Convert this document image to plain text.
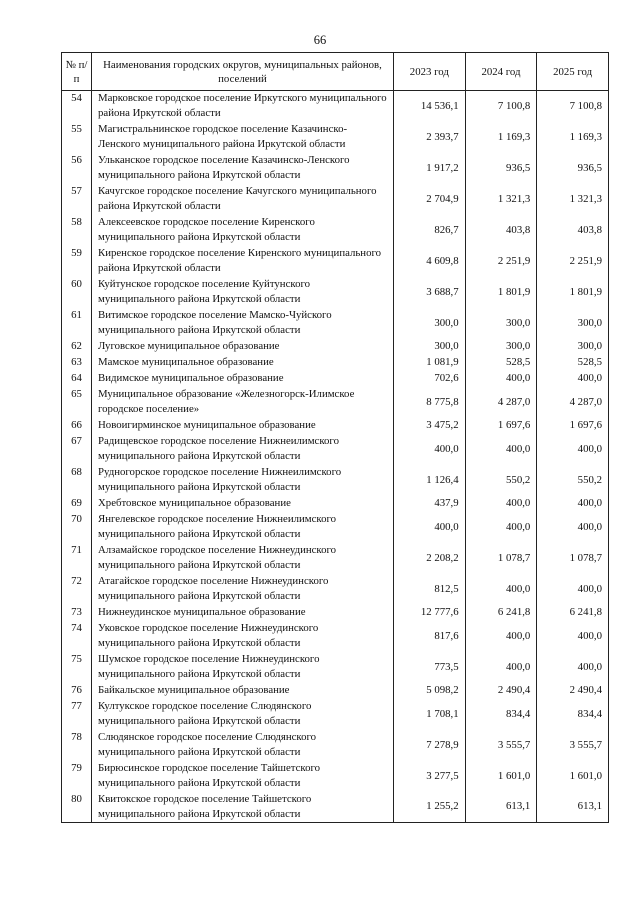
66
№ п/п	Наименования городских округов, муниципальных районов, поселений	2023 год	2024 год	2025 год
54	Марковское городское поселение Иркутского муниципального района Иркутской области	14 536,1	7 100,8	7 100,8
55	Магистральнинское городское поселение Казачинско-Ленского муниципального района Иркутской области	2 393,7	1 169,3	1 169,3
56	Ульканское городское поселение Казачинско-Ленского муниципального района Иркутской области	1 917,2	936,5	936,5
57	Качугское городское поселение Качугского муниципального района Иркутской области	2 704,9	1 321,3	1 321,3
58	Алексеевское городское поселение Киренского муниципального района Иркутской области	826,7	403,8	403,8
59	Киренское городское поселение Киренского муниципального района Иркутской области	4 609,8	2 251,9	2 251,9
60	Куйтунское городское поселение Куйтунского муниципального района Иркутской области	3 688,7	1 801,9	1 801,9
61	Витимское городское поселение Мамско-Чуйского муниципального района Иркутской области	300,0	300,0	300,0
62	Луговское муниципальное образование	300,0	300,0	300,0
63	Мамское муниципальное образование	1 081,9	528,5	528,5
64	Видимское муниципальное образование	702,6	400,0	400,0
65	Муниципальное образование «Железногорск-Илимское городское поселение»	8 775,8	4 287,0	4 287,0
66	Новоигирминское муниципальное образование	3 475,2	1 697,6	1 697,6
67	Радищевское городское поселение Нижнеилимского муниципального района Иркутской области	400,0	400,0	400,0
68	Рудногорское городское поселение Нижнеилимского муниципального района Иркутской области	1 126,4	550,2	550,2
69	Хребтовское муниципальное образование	437,9	400,0	400,0
70	Янгелевское городское поселение Нижнеилимского муниципального района Иркутской области	400,0	400,0	400,0
71	Алзамайское городское поселение Нижнеудинского муниципального района Иркутской области	2 208,2	1 078,7	1 078,7
72	Атагайское городское поселение Нижнеудинского муниципального района Иркутской области	812,5	400,0	400,0
73	Нижнеудинское муниципальное образование	12 777,6	6 241,8	6 241,8
74	Уковское городское поселение Нижнеудинского муниципального района Иркутской области	817,6	400,0	400,0
75	Шумское городское поселение Нижнеудинского муниципального района Иркутской области	773,5	400,0	400,0
76	Байкальское муниципальное образование	5 098,2	2 490,4	2 490,4
77	Култукское городское поселение Слюдянского муниципального района Иркутской области	1 708,1	834,4	834,4
78	Слюдянское городское поселение Слюдянского муниципального района Иркутской области	7 278,9	3 555,7	3 555,7
79	Бирюсинское городское поселение Тайшетского муниципального района Иркутской области	3 277,5	1 601,0	1 601,0
80	Квитокское городское поселение Тайшетского муниципального района Иркутской области	1 255,2	613,1	613,1
